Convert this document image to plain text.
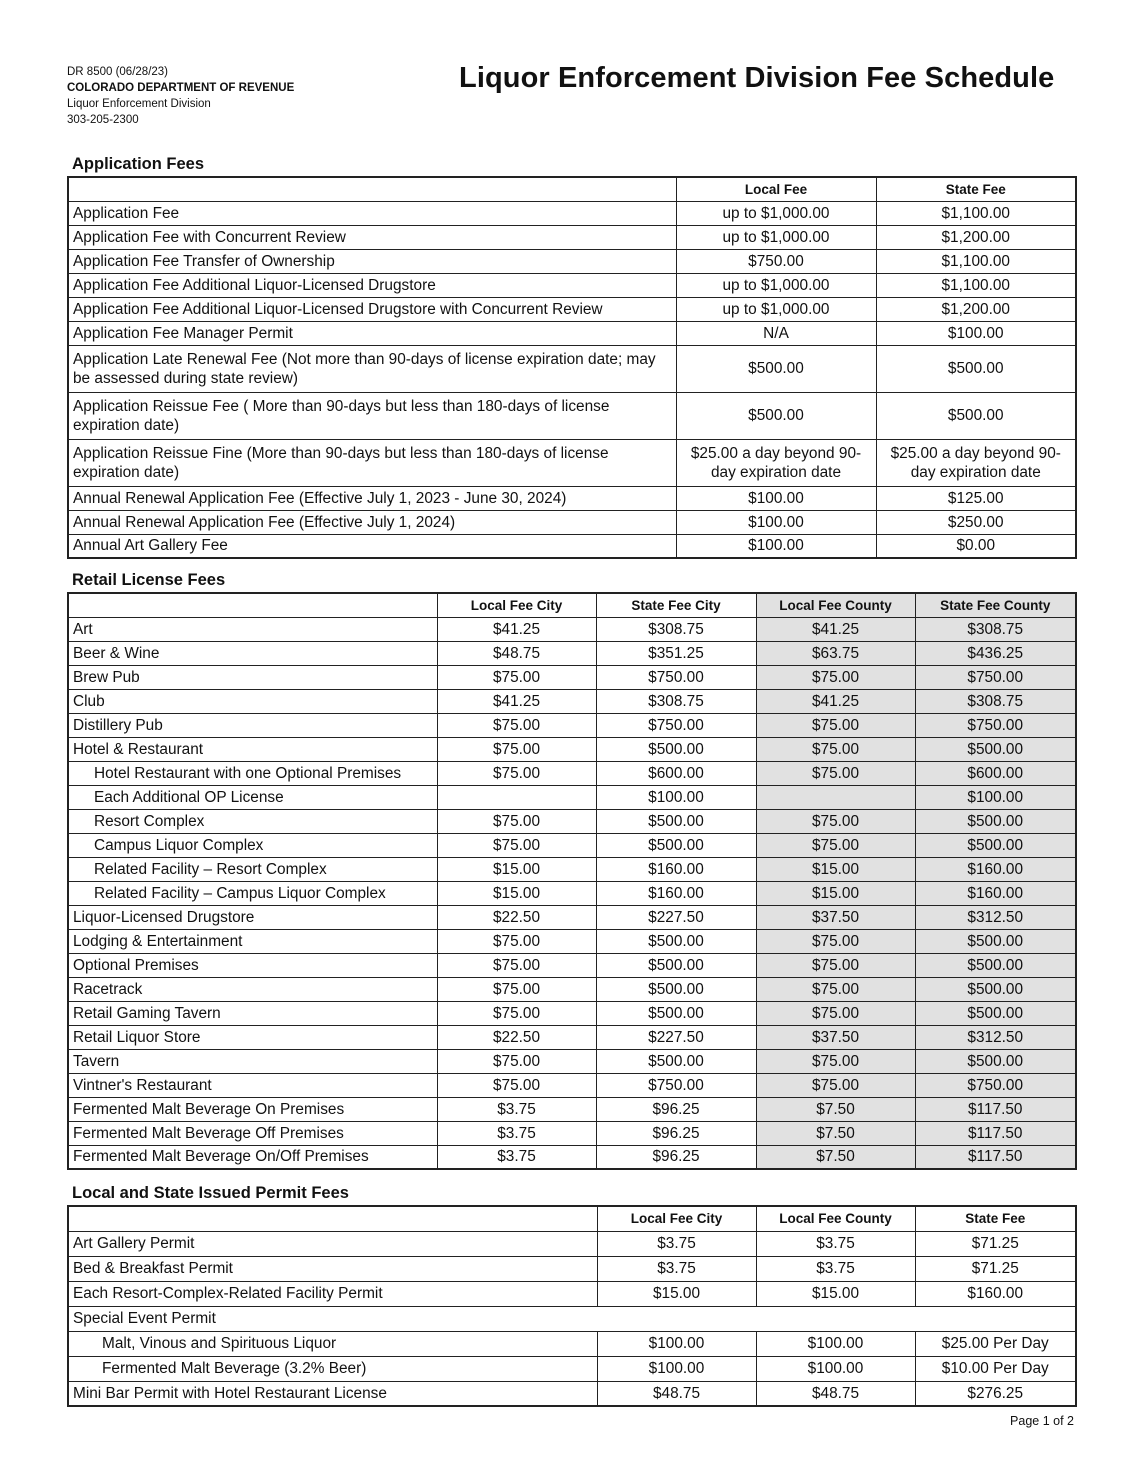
DR 8500 (06/28/23)
COLORADO DEPARTMENT OF REVENUE
Liquor Enforcement Division
303-205-2300
Liquor Enforcement Division Fee Schedule
Application Fees
	Local Fee	State Fee
Application Fee	up to $1,000.00	$1,100.00
Application Fee with Concurrent Review	up to $1,000.00	$1,200.00
Application Fee Transfer of Ownership	$750.00	$1,100.00
Application Fee Additional Liquor-Licensed Drugstore	up to $1,000.00	$1,100.00
Application Fee Additional Liquor-Licensed Drugstore with Concurrent Review	up to $1,000.00	$1,200.00
Application Fee Manager Permit	N/A	$100.00
Application Late Renewal Fee (Not more than 90-days of license expiration date; may be assessed during state review)	$500.00	$500.00
Application Reissue Fee ( More than 90-days but less than 180-days of license expiration date)	$500.00	$500.00
Application Reissue Fine (More than 90-days but less than 180-days of license expiration date)	$25.00 a day beyond 90-day expiration date	$25.00 a day beyond 90-day expiration date
Annual Renewal Application Fee (Effective July 1, 2023 - June 30, 2024)	$100.00	$125.00
Annual Renewal Application Fee (Effective July 1, 2024)	$100.00	$250.00
Annual Art Gallery Fee	$100.00	$0.00
Retail License Fees
	Local Fee City	State Fee City	Local Fee County	State Fee County
Art	$41.25	$308.75	$41.25	$308.75
Beer & Wine	$48.75	$351.25	$63.75	$436.25
Brew Pub	$75.00	$750.00	$75.00	$750.00
Club	$41.25	$308.75	$41.25	$308.75
Distillery Pub	$75.00	$750.00	$75.00	$750.00
Hotel & Restaurant	$75.00	$500.00	$75.00	$500.00
Hotel Restaurant with one Optional Premises	$75.00	$600.00	$75.00	$600.00
Each Additional OP License		$100.00		$100.00
Resort Complex	$75.00	$500.00	$75.00	$500.00
Campus Liquor Complex	$75.00	$500.00	$75.00	$500.00
Related Facility – Resort Complex	$15.00	$160.00	$15.00	$160.00
Related Facility – Campus Liquor Complex	$15.00	$160.00	$15.00	$160.00
Liquor-Licensed Drugstore	$22.50	$227.50	$37.50	$312.50
Lodging & Entertainment	$75.00	$500.00	$75.00	$500.00
Optional Premises	$75.00	$500.00	$75.00	$500.00
Racetrack	$75.00	$500.00	$75.00	$500.00
Retail Gaming Tavern	$75.00	$500.00	$75.00	$500.00
Retail Liquor Store	$22.50	$227.50	$37.50	$312.50
Tavern	$75.00	$500.00	$75.00	$500.00
Vintner's Restaurant	$75.00	$750.00	$75.00	$750.00
Fermented Malt Beverage On Premises	$3.75	$96.25	$7.50	$117.50
Fermented Malt Beverage Off Premises	$3.75	$96.25	$7.50	$117.50
Fermented Malt Beverage On/Off Premises	$3.75	$96.25	$7.50	$117.50
Local and State Issued Permit Fees
	Local Fee City	Local Fee County	State Fee
Art Gallery Permit	$3.75	$3.75	$71.25
Bed & Breakfast Permit	$3.75	$3.75	$71.25
Each Resort-Complex-Related Facility Permit	$15.00	$15.00	$160.00
Special Event Permit			
Malt, Vinous and Spirituous Liquor	$100.00	$100.00	$25.00 Per Day
Fermented Malt Beverage (3.2% Beer)	$100.00	$100.00	$10.00 Per Day
Mini Bar Permit with Hotel Restaurant License	$48.75	$48.75	$276.25
Page 1 of 2
